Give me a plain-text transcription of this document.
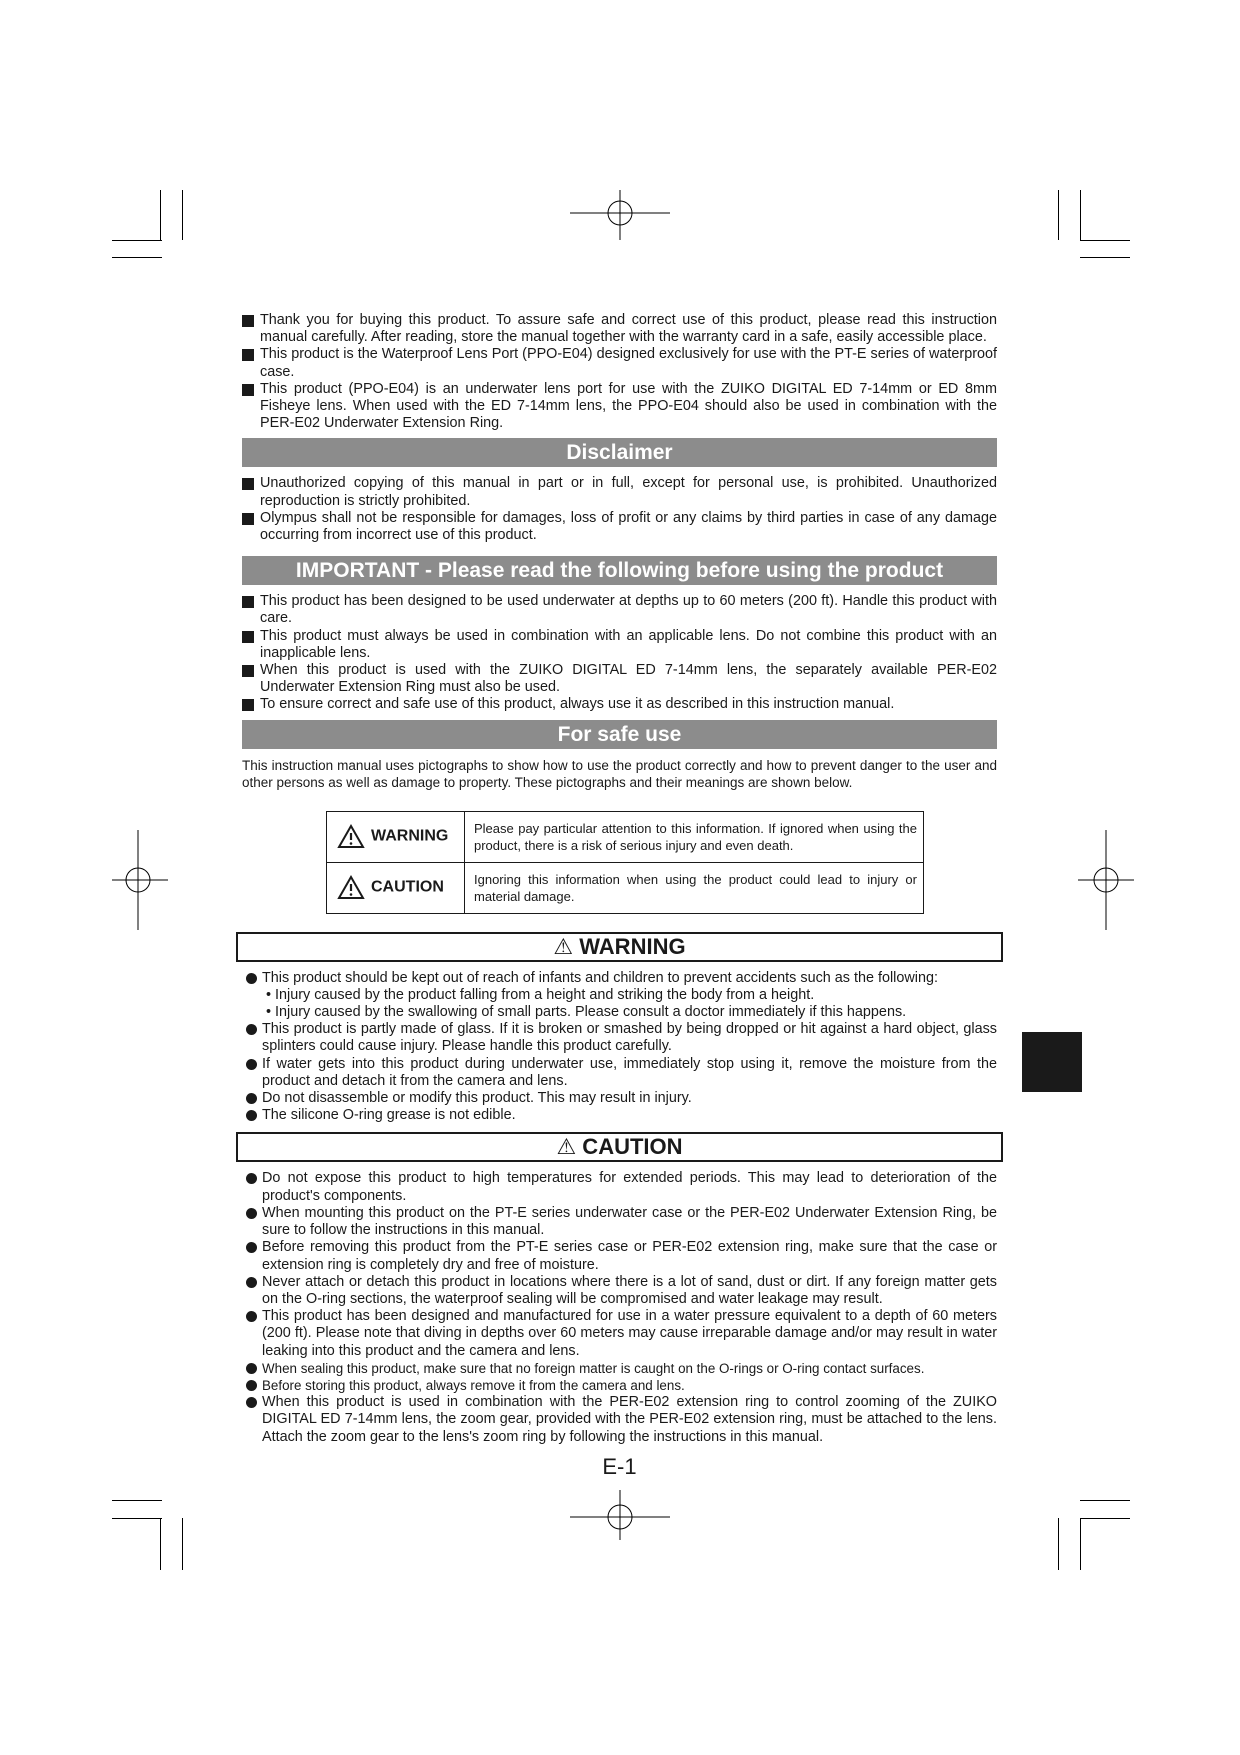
Thank you for buying this product. To assure safe and correct use of this product, please read this instruction manual carefully. After reading, store the manual together with the warranty card in a safe, easily accessible place.
This product is the Waterproof Lens Port (PPO-E04) designed exclusively for use with the PT-E series of waterproof case.
This product (PPO-E04) is an underwater lens port for use with the ZUIKO DIGITAL ED 7-14mm or ED 8mm Fisheye lens. When used with the ED 7-14mm lens, the PPO-E04 should also be used in combination with the PER-E02 Underwater Extension Ring.
Disclaimer
Unauthorized copying of this manual in part or in full, except for personal use, is prohibited. Unauthorized reproduction is strictly prohibited.
Olympus shall not be responsible for damages, loss of profit or any claims by third parties in case of any damage occurring from incorrect use of this product.
IMPORTANT - Please read the following before using the product
This product has been designed to be used underwater at depths up to 60 meters (200 ft). Handle this product with care.
This product must always be used in combination with an applicable lens. Do not combine this product with an inapplicable lens.
When this product is used with the ZUIKO DIGITAL ED 7-14mm lens, the separately available PER-E02 Underwater Extension Ring must also be used.
To ensure correct and safe use of this product, always use it as described in this instruction manual.
For safe use
This instruction manual uses pictographs to show how to use the product correctly and how to prevent danger to the user and other persons as well as damage to property. These pictographs and their meanings are shown below.
WARNING	Please pay particular attention to this information. If ignored when using the product, there is a risk of serious injury and even death.
CAUTION	Ignoring this information when using the product could lead to injury or material damage.
⚠ WARNING
This product should be kept out of reach of infants and children to prevent accidents such as the following:
• Injury caused by the product falling from a height and striking the body from a height.
• Injury caused by the swallowing of small parts. Please consult a doctor immediately if this happens.
This product is partly made of glass. If it is broken or smashed by being dropped or hit against a hard object, glass splinters could cause injury. Please handle this product carefully.
If water gets into this product during underwater use, immediately stop using it, remove the moisture from the product and detach it from the camera and lens.
Do not disassemble or modify this product. This may result in injury.
The silicone O-ring grease is not edible.
⚠ CAUTION
Do not expose this product to high temperatures for extended periods. This may lead to deterioration of the product's components.
When mounting this product on the PT-E series underwater case or the PER-E02 Underwater Extension Ring, be sure to follow the instructions in this manual.
Before removing this product from the PT-E series case or PER-E02 extension ring, make sure that the case or extension ring is completely dry and free of moisture.
Never attach or detach this product in locations where there is a lot of sand, dust or dirt. If any foreign matter gets on the O-ring sections, the waterproof sealing will be compromised and water leakage may result.
This product has been designed and manufactured for use in a water pressure equivalent to a depth of 60 meters (200 ft). Please note that diving in depths over 60 meters may cause irreparable damage and/or may result in water leaking into this product and the camera and lens.
When sealing this product, make sure that no foreign matter is caught on the O-rings or O-ring contact surfaces.
Before storing this product, always remove it from the camera and lens.
When this product is used in combination with the PER-E02 extension ring to control zooming of the ZUIKO DIGITAL ED 7-14mm lens, the zoom gear, provided with the PER-E02 extension ring, must be attached to the lens. Attach the zoom gear to the lens's zoom ring by following the instructions in this manual.
E-1
